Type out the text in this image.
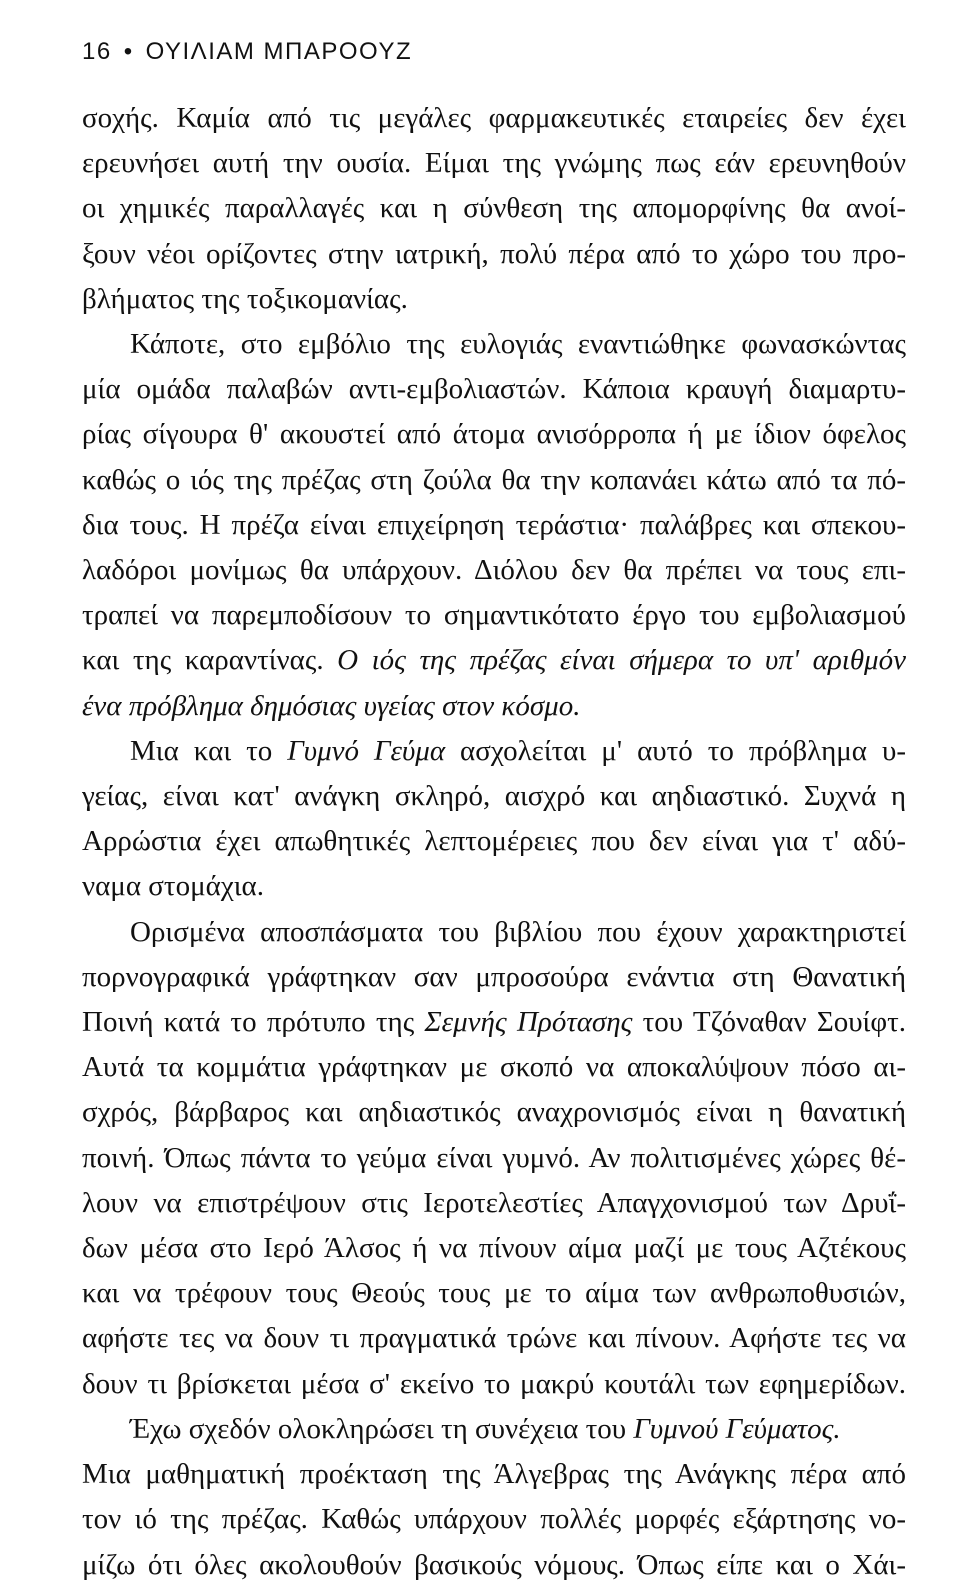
16 • ΟΥΙΛΙΑΜ ΜΠΑΡΟΟΥΖ
σοχής. Καμία από τις μεγάλες φαρμακευτικές εταιρείες δεν έχει
ερευνήσει αυτή την ουσία. Είμαι της γνώμης πως εάν ερευνηθούν
οι χημικές παραλλαγές και η σύνθεση της απομορφίνης θα ανοί-
ξουν νέοι ορίζοντες στην ιατρική, πολύ πέρα από το χώρο του προ-
βλήματος της τοξικομανίας.
Κάποτε, στο εμβόλιο της ευλογιάς εναντιώθηκε φωνασκώντας
μία ομάδα παλαβών αντι-εμβολιαστών. Κάποια κραυγή διαμαρτυ-
ρίας σίγουρα θ' ακουστεί από άτομα ανισόρροπα ή με ίδιον όφελος
καθώς ο ιός της πρέζας στη ζούλα θα την κοπανάει κάτω από τα πό-
δια τους. Η πρέζα είναι επιχείρηση τεράστια· παλάβρες και σπεκου-
λαδόροι μονίμως θα υπάρχουν. Διόλου δεν θα πρέπει να τους επι-
τραπεί να παρεμποδίσουν το σημαντικότατο έργο του εμβολιασμού
και της καραντίνας. Ο ιός της πρέζας είναι σήμερα το υπ' αριθμόν
ένα πρόβλημα δημόσιας υγείας στον κόσμο.
Μια και το Γυμνό Γεύμα ασχολείται μ' αυτό το πρόβλημα υ-
γείας, είναι κατ' ανάγκη σκληρό, αισχρό και αηδιαστικό. Συχνά η
Αρρώστια έχει απωθητικές λεπτομέρειες που δεν είναι για τ' αδύ-
ναμα στομάχια.
Ορισμένα αποσπάσματα του βιβλίου που έχουν χαρακτηριστεί
πορνογραφικά γράφτηκαν σαν μπροσούρα ενάντια στη Θανατική
Ποινή κατά το πρότυπο της Σεμνής Πρότασης του Τζόναθαν Σουίφτ.
Αυτά τα κομμάτια γράφτηκαν με σκοπό να αποκαλύψουν πόσο αι-
σχρός, βάρβαρος και αηδιαστικός αναχρονισμός είναι η θανατική
ποινή. Όπως πάντα το γεύμα είναι γυμνό. Αν πολιτισμένες χώρες θέ-
λουν να επιστρέψουν στις Ιεροτελεστίες Απαγχονισμού των Δρυΐ-
δων μέσα στο Ιερό Άλσος ή να πίνουν αίμα μαζί με τους Αζτέκους
και να τρέφουν τους Θεούς τους με το αίμα των ανθρωποθυσιών,
αφήστε τες να δουν τι πραγματικά τρώνε και πίνουν. Αφήστε τες να
δουν τι βρίσκεται μέσα σ' εκείνο το μακρύ κουτάλι των εφημερίδων.
Έχω σχεδόν ολοκληρώσει τη συνέχεια του Γυμνού Γεύματος.
Μια μαθηματική προέκταση της Άλγεβρας της Ανάγκης πέρα από
τον ιό της πρέζας. Καθώς υπάρχουν πολλές μορφές εξάρτησης νο-
μίζω ότι όλες ακολουθούν βασικούς νόμους. Όπως είπε και ο Χάι-
